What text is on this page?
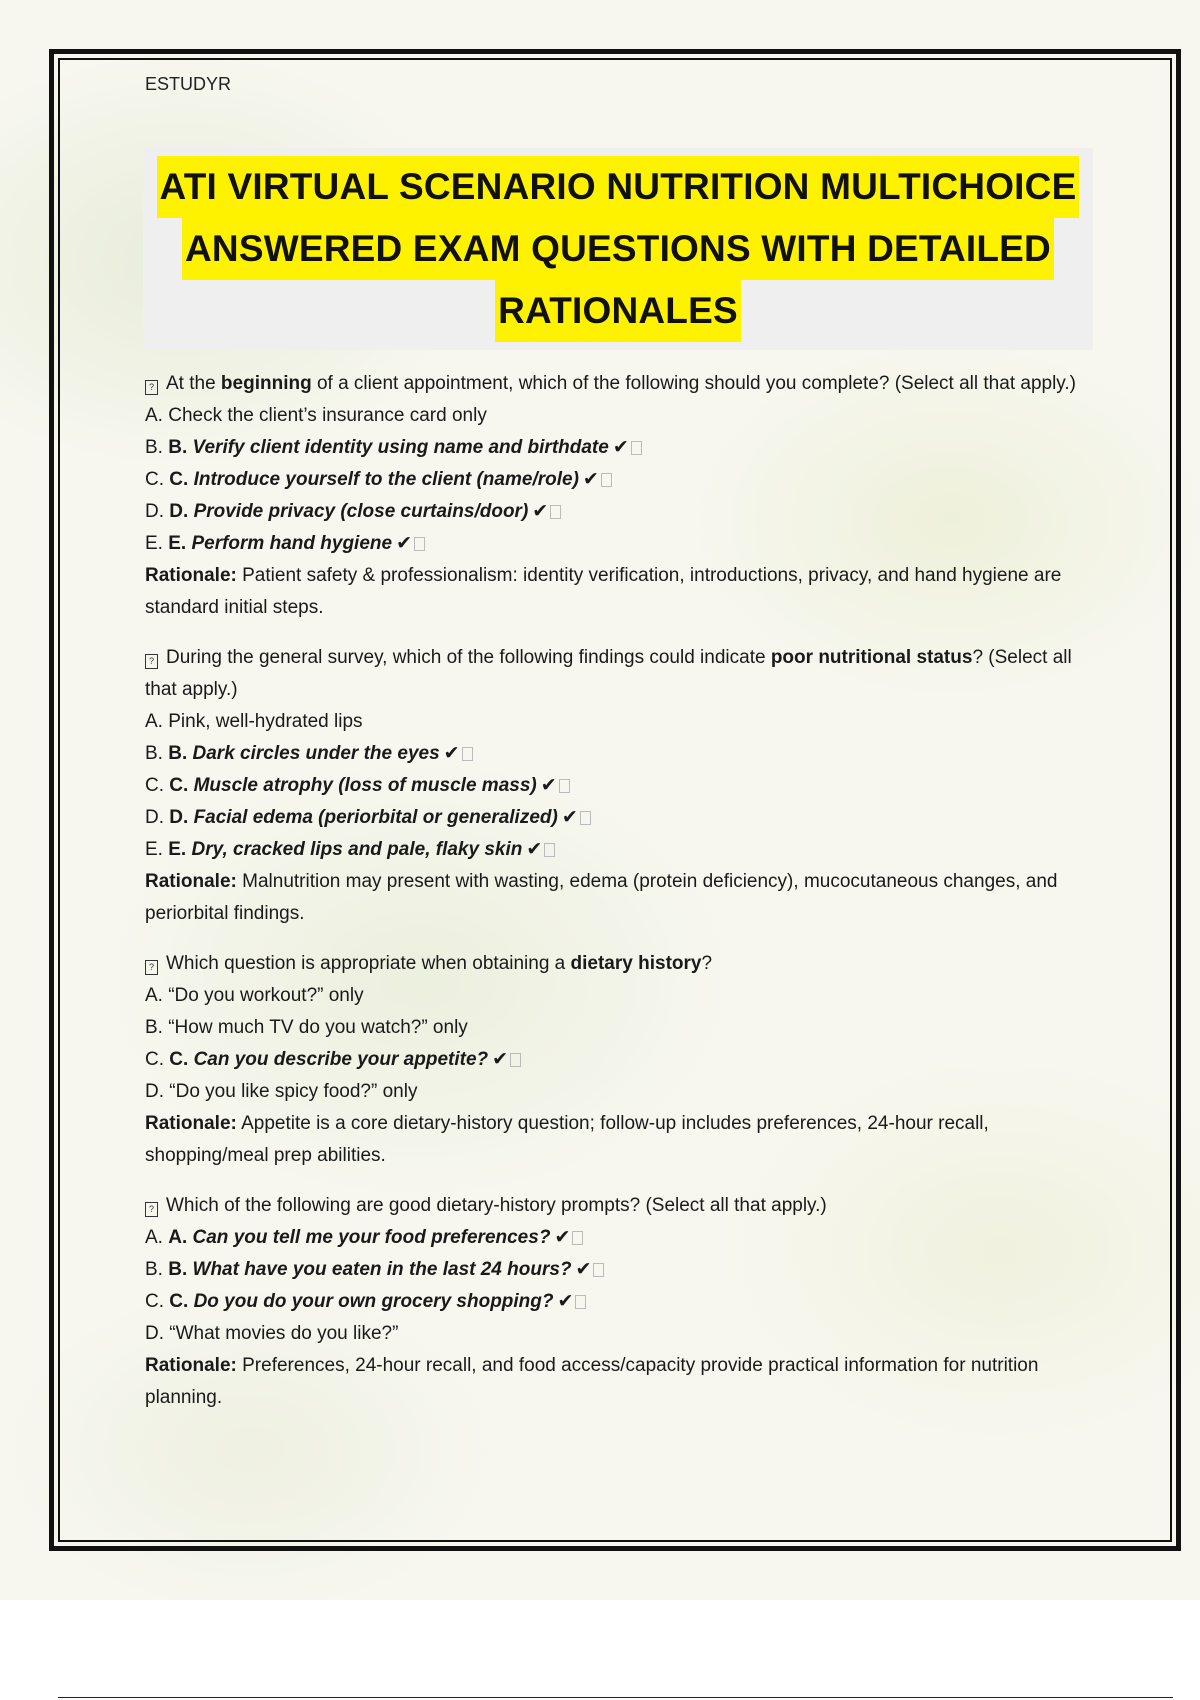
ESTUDYR
ATI VIRTUAL SCENARIO NUTRITION MULTICHOICE
ANSWERED EXAM QUESTIONS WITH DETAILED
RATIONALES
? At the beginning of a client appointment, which of the following should you complete? (Select all that apply.)
A. Check the client’s insurance card only
B. B. Verify client identity using name and birthdate ✔
C. C. Introduce yourself to the client (name/role) ✔
D. D. Provide privacy (close curtains/door) ✔
E. E. Perform hand hygiene ✔
Rationale: Patient safety & professionalism: identity verification, introductions, privacy, and hand hygiene are standard initial steps.
? During the general survey, which of the following findings could indicate poor nutritional status? (Select all that apply.)
A. Pink, well-hydrated lips
B. B. Dark circles under the eyes ✔
C. C. Muscle atrophy (loss of muscle mass) ✔
D. D. Facial edema (periorbital or generalized) ✔
E. E. Dry, cracked lips and pale, flaky skin ✔
Rationale: Malnutrition may present with wasting, edema (protein deficiency), mucocutaneous changes, and periorbital findings.
? Which question is appropriate when obtaining a dietary history?
A. “Do you workout?” only
B. “How much TV do you watch?” only
C. C. Can you describe your appetite? ✔
D. “Do you like spicy food?” only
Rationale: Appetite is a core dietary-history question; follow-up includes preferences, 24-hour recall, shopping/meal prep abilities.
? Which of the following are good dietary-history prompts? (Select all that apply.)
A. A. Can you tell me your food preferences? ✔
B. B. What have you eaten in the last 24 hours? ✔
C. C. Do you do your own grocery shopping? ✔
D. “What movies do you like?”
Rationale: Preferences, 24-hour recall, and food access/capacity provide practical information for nutrition planning.
